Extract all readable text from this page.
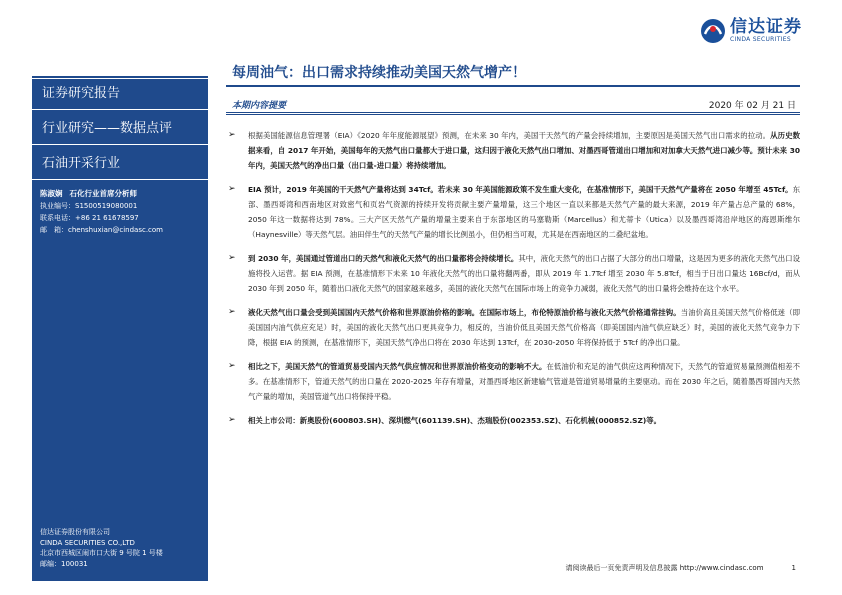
信达证券
CINDA SECURITIES
证券研究报告
行业研究——数据点评
石油开采行业
陈淑娴　 石化行业首席分析师
执业编号：S1500519080001
联系电话：+86 21 61678597
邮　箱：chenshuxian@cindasc.com
信达证券股份有限公司
CINDA SECURITIES CO.,LTD
北京市西城区闹市口大街 9 号院 1 号楼
邮编：100031
每周油气：出口需求持续推动美国天然气增产！
本期内容提要	2020 年 02 月 21 日
➢ 根据美国能源信息管理署（EIA）《2020 年年度能源展望》预测，在未来 30 年内，美国干天然气的产量会持续增加，主要原因是美国天然气出口需求的拉动。从历史数据来看，自 2017 年开始，美国每年的天然气出口量都大于进口量，这归因于液化天然气出口增加、对墨西哥管道出口增加和对加拿大天然气进口减少等。预计未来 30 年内，美国天然气的净出口量（出口量-进口量）将持续增加。
➢ EIA 预计，2019 年美国的干天然气产量将达到 34Tcf。若未来 30 年美国能源政策不发生重大变化，在基准情形下，美国干天然气产量将在 2050 年增至 45Tcf。东部、墨西哥湾和西南地区对致密气和页岩气资源的持续开发将贡献主要产量增量，这三个地区一直以来都是天然气产量的最大来源，2019 年产量占总产量的 68%，2050 年这一数据将达到 78%。三大产区天然气产量的增量主要来自于东部地区的马塞勒斯（Marcellus）和尤蒂卡（Utica）以及墨西哥湾沿岸地区的海恩斯维尔（Haynesville）等天然气层。油田伴生气的天然气产量的增长比例虽小，但仍相当可观，尤其是在西南地区的二叠纪盆地。
➢ 到 2030 年，美国通过管道出口的天然气和液化天然气的出口量都将会持续增长。其中，液化天然气的出口占据了大部分的出口增量，这是因为更多的液化天然气出口设施将投入运营。据 EIA 预测，在基准情形下未来 10 年液化天然气的出口量将翻两番，即从 2019 年 1.7Tcf 增至 2030 年 5.8Tcf，相当于日出口量达 16Bcf/d，而从 2030 年到 2050 年，随着出口液化天然气的国家越来越多，美国的液化天然气在国际市场上的竞争力减弱，液化天然气的出口量将会维持在这个水平。
➢ 液化天然气出口量会受到美国国内天然气价格和世界原油价格的影响。在国际市场上，布伦特原油价格与液化天然气价格通常挂钩。当油价高且美国天然气价格低迷（即美国国内油气供应充足）时，美国的液化天然气出口更具竞争力，相反的，当油价低且美国天然气价格高（即美国国内油气供应缺乏）时，美国的液化天然气竞争力下降，根据 EIA 的预测，在基准情形下，美国天然气净出口将在 2030 年达到 13Tcf，在 2030-2050 年将保持低于 5Tcf 的净出口量。
➢ 相比之下，美国天然气的管道贸易受国内天然气供应情况和世界原油价格变动的影响不大。在低油价和充足的油气供应这两种情况下，天然气的管道贸易量预测值相差不多。在基准情形下，管道天然气的出口量在 2020-2025 年存有增量，对墨西哥地区新建输气管道是管道贸易增量的主要驱动。而在 2030 年之后，随着墨西哥国内天然气产量的增加，美国管道气出口将保持平稳。
➢ 相关上市公司：新奥股份(600803.SH)、深圳燃气(601139.SH)、杰瑞股份(002353.SZ)、石化机械(000852.SZ)等。
请阅读最后一页免责声明及信息披露 http://www.cindasc.com	1
